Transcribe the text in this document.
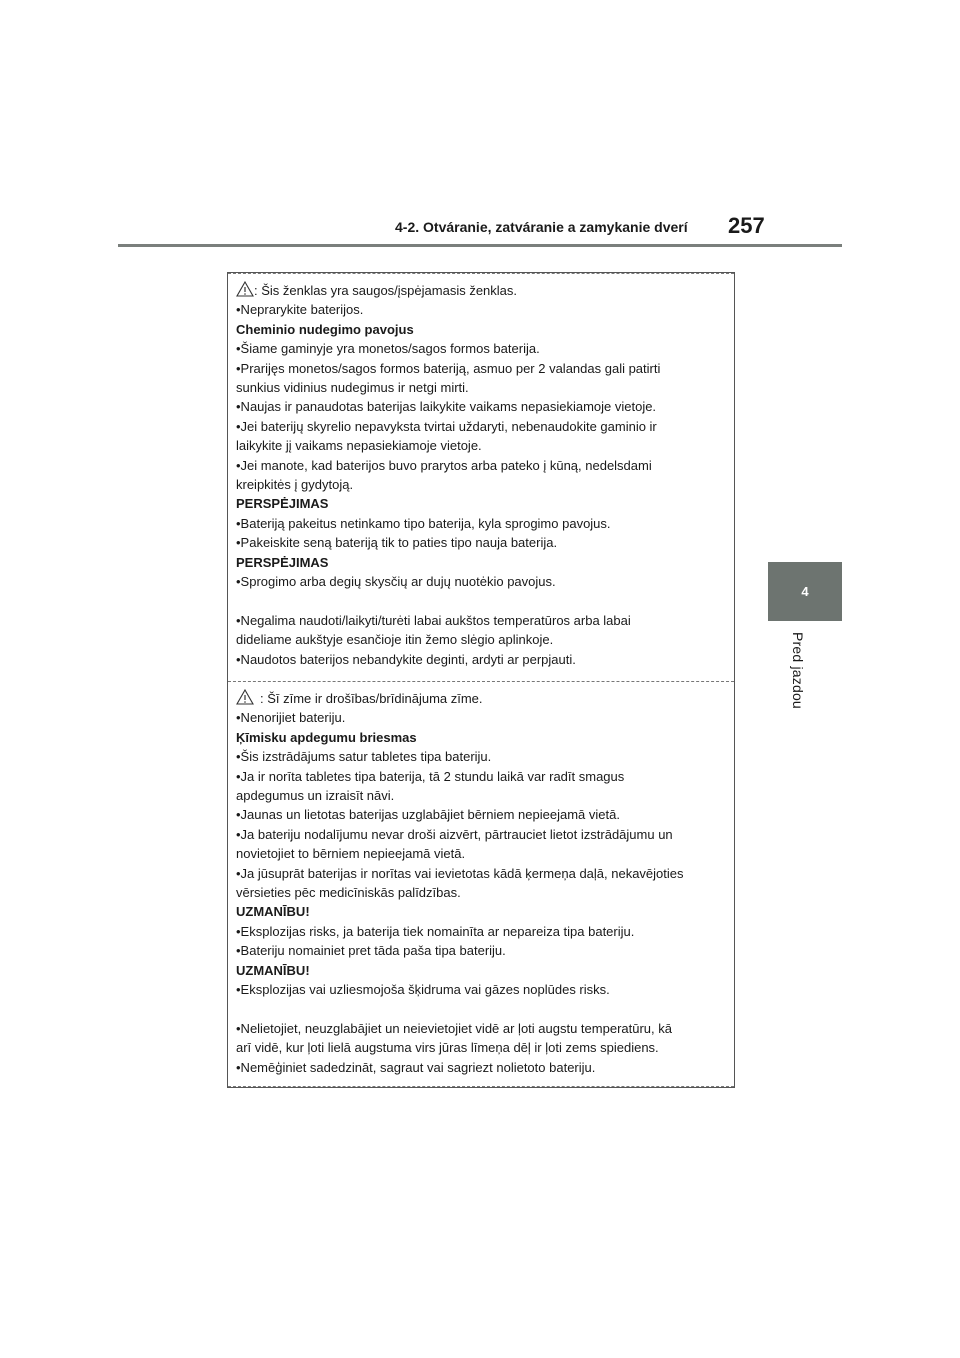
4-2. Otváranie, zatváranie a zamykanie dverí 257
4
Pred jazdou
: Šis ženklas yra saugos/įspėjamasis ženklas.
•Neprarykite baterijos.
Cheminio nudegimo pavojus
•Šiame gaminyje yra monetos/sagos formos baterija.
•Prarijęs monetos/sagos formos bateriją, asmuo per 2 valandas gali patirti
sunkius vidinius nudegimus ir netgi mirti.
•Naujas ir panaudotas baterijas laikykite vaikams nepasiekiamoje vietoje.
•Jei baterijų skyrelio nepavyksta tvirtai uždaryti, nebenaudokite gaminio ir
laikykite jį vaikams nepasiekiamoje vietoje.
•Jei manote, kad baterijos buvo prarytos arba pateko į kūną, nedelsdami
kreipkitės į gydytoją.
PERSPĖJIMAS
•Bateriją pakeitus netinkamo tipo baterija, kyla sprogimo pavojus.
•Pakeiskite seną bateriją tik to paties tipo nauja baterija.
PERSPĖJIMAS
•Sprogimo arba degių skysčių ar dujų nuotėkio pavojus.
•Negalima naudoti/laikyti/turėti labai aukštos temperatūros arba labai
dideliame aukštyje esančioje itin žemo slėgio aplinkoje.
•Naudotos baterijos nebandykite deginti, ardyti ar perpjauti.
: Šī zīme ir drošības/brīdinājuma zīme.
•Nenorijiet bateriju.
Ķīmisku apdegumu briesmas
•Šis izstrādājums satur tabletes tipa bateriju.
•Ja ir norīta tabletes tipa baterija, tā 2 stundu laikā var radīt smagus
apdegumus un izraisīt nāvi.
•Jaunas un lietotas baterijas uzglabājiet bērniem nepieejamā vietā.
•Ja bateriju nodalījumu nevar droši aizvērt, pārtrauciet lietot izstrādājumu un
novietojiet to bērniem nepieejamā vietā.
•Ja jūsuprāt baterijas ir norītas vai ievietotas kādā ķermeņa daļā, nekavējoties
vērsieties pēc medicīniskās palīdzības.
UZMANĪBU!
•Eksplozijas risks, ja baterija tiek nomainīta ar nepareiza tipa bateriju.
•Bateriju nomainiet pret tāda paša tipa bateriju.
UZMANĪBU!
•Eksplozijas vai uzliesmojoša šķidruma vai gāzes noplūdes risks.
•Nelietojiet, neuzglabājiet un neievietojiet vidē ar ļoti augstu temperatūru, kā
arī vidē, kur ļoti lielā augstuma virs jūras līmeņa dēļ ir ļoti zems spiediens.
•Nemēģiniet sadedzināt, sagraut vai sagriezt nolietoto bateriju.
